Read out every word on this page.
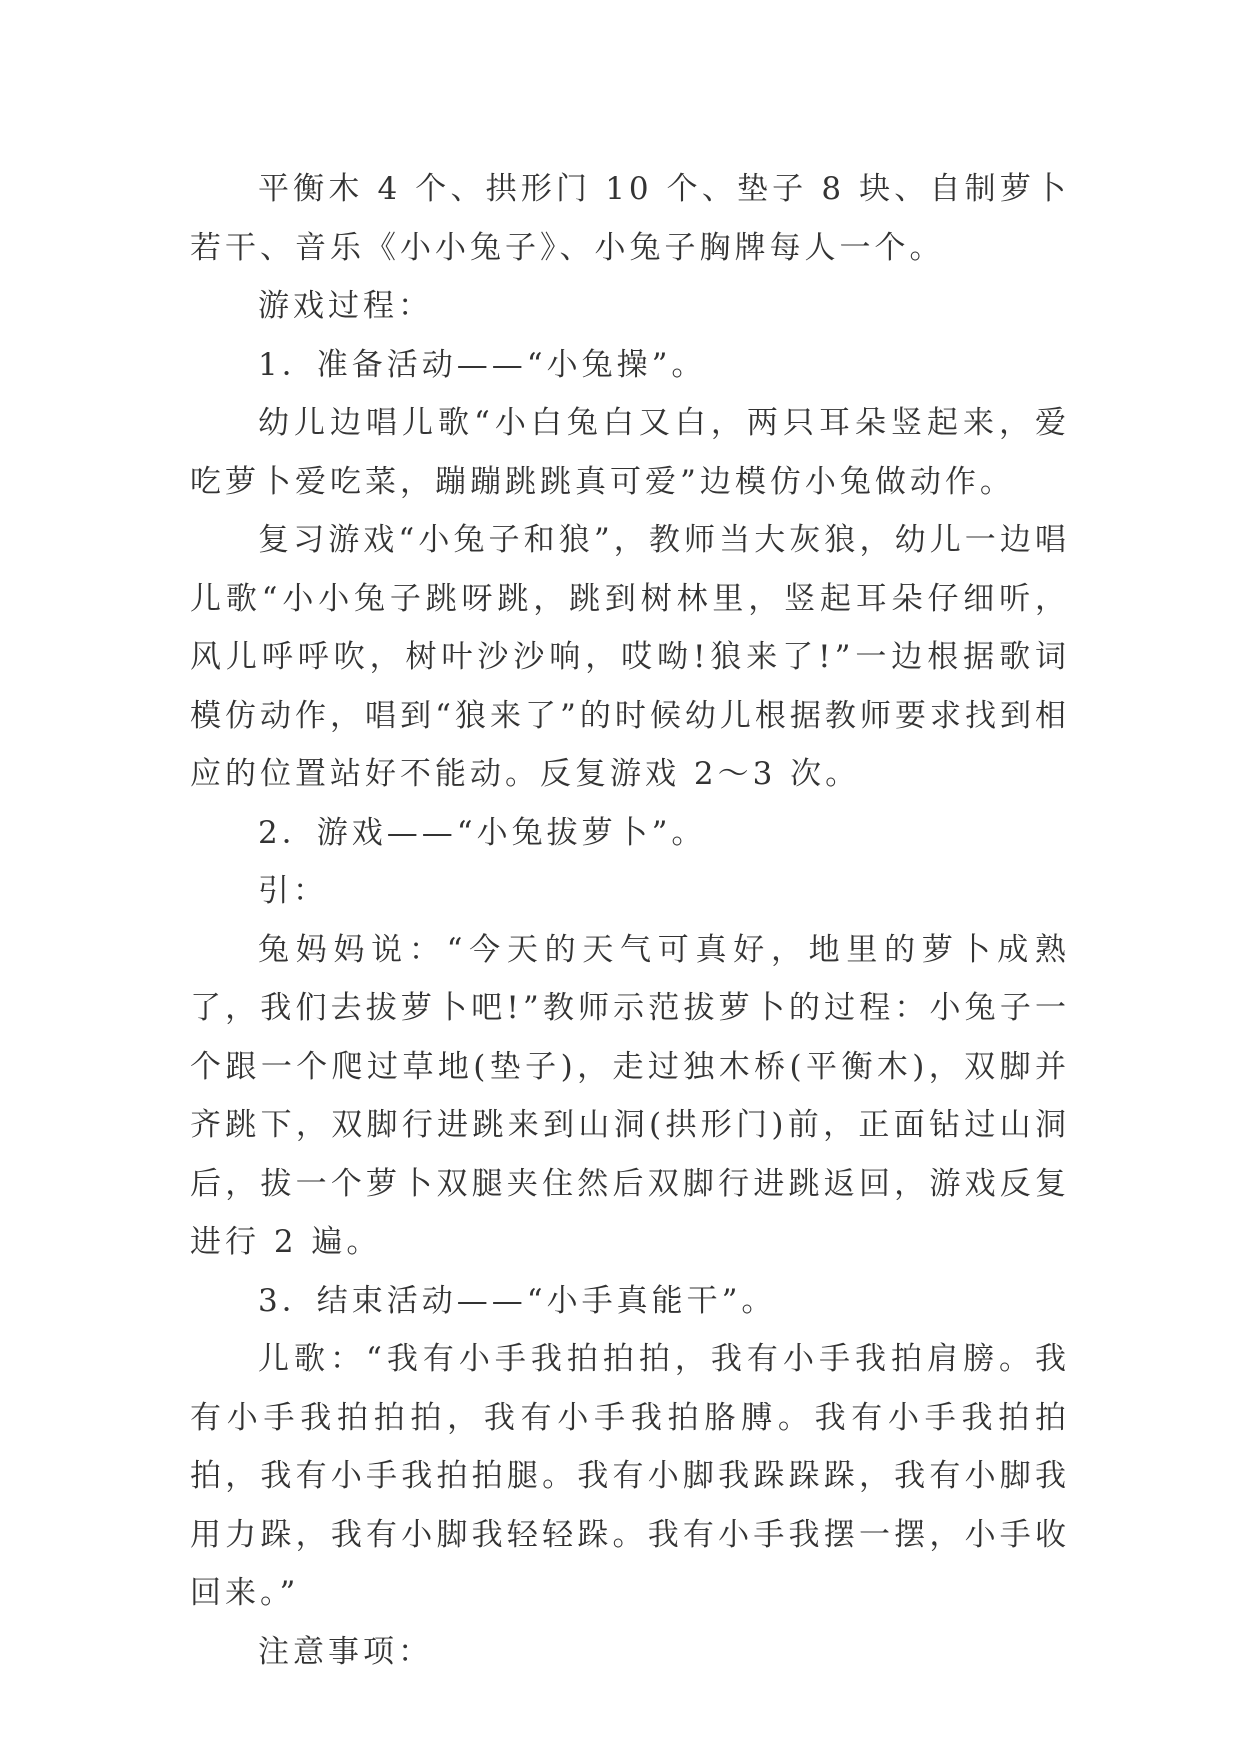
平衡木 4 个、拱形门 10 个、垫子 8 块、自制萝卜若干、音乐《小小兔子》、小兔子胸牌每人一个。

游戏过程：

1．准备活动——“小兔操”。

幼儿边唱儿歌“小白兔白又白，两只耳朵竖起来，爱吃萝卜爱吃菜，蹦蹦跳跳真可爱”边模仿小兔做动作。

复习游戏“小兔子和狼”，教师当大灰狼，幼儿一边唱儿歌“小小兔子跳呀跳，跳到树林里，竖起耳朵仔细听，风儿呼呼吹，树叶沙沙响，哎呦!狼来了!”一边根据歌词模仿动作，唱到“狼来了”的时候幼儿根据教师要求找到相应的位置站好不能动。反复游戏 2～3 次。

2．游戏——“小兔拔萝卜”。

引：

兔妈妈说：“今天的天气可真好，地里的萝卜成熟了，我们去拔萝卜吧!”教师示范拔萝卜的过程：小兔子一个跟一个爬过草地(垫子)，走过独木桥(平衡木)，双脚并齐跳下，双脚行进跳来到山洞(拱形门)前，正面钻过山洞后，拔一个萝卜双腿夹住然后双脚行进跳返回，游戏反复进行 2 遍。

3．结束活动——“小手真能干”。

儿歌：“我有小手我拍拍拍，我有小手我拍肩膀。我有小手我拍拍拍，我有小手我拍胳膊。我有小手我拍拍拍，我有小手我拍拍腿。我有小脚我跺跺跺，我有小脚我用力跺，我有小脚我轻轻跺。我有小手我摆一摆，小手收回来。”

注意事项：
